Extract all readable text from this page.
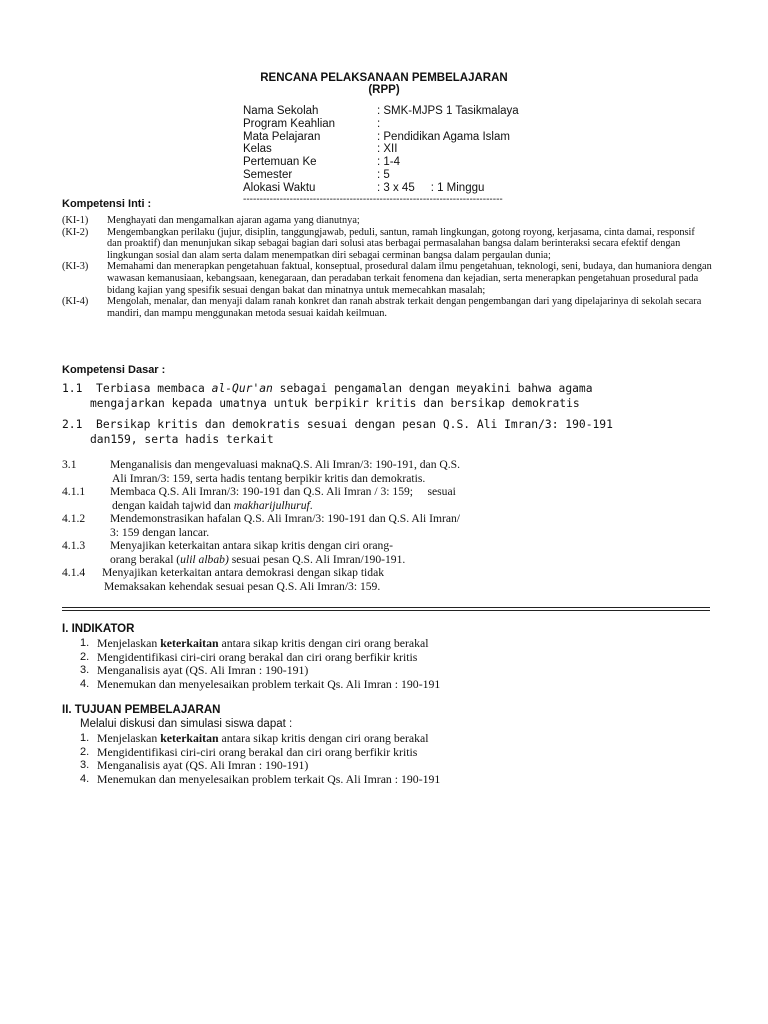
RENCANA PELAKSANAAN PEMBELAJARAN
(RPP)
Nama Sekolah	: SMK-MJPS 1 Tasikmalaya
Program Keahlian	:
Mata Pelajaran	: Pendidikan Agama Islam
Kelas	: XII
Pertemuan Ke	: 1-4
Semester	: 5
Alokasi Waktu	: 3 x 45     : 1 Minggu
------------------------------------------------------------------------------
Kompetensi Inti :
(KI-1)	Menghayati dan mengamalkan ajaran agama yang dianutnya;
(KI-2)	Mengembangkan perilaku (jujur, disiplin, tanggungjawab, peduli, santun, ramah lingkungan, gotong royong, kerjasama, cinta damai, responsif dan proaktif) dan menunjukan sikap sebagai bagian dari solusi atas berbagai permasalahan bangsa dalam berinteraksi secara efektif dengan lingkungan sosial dan alam serta dalam menempatkan diri sebagai cerminan bangsa dalam pergaulan dunia;
(KI-3)	Memahami dan menerapkan pengetahuan faktual, konseptual, prosedural dalam ilmu pengetahuan, teknologi, seni, budaya, dan humaniora dengan wawasan kemanusiaan, kebangsaan, kenegaraan, dan peradaban terkait fenomena dan kejadian, serta menerapkan pengetahuan prosedural pada bidang kajian yang spesifik sesuai dengan bakat dan minatnya untuk memecahkan masalah;
(KI-4)	Mengolah, menalar, dan menyaji dalam ranah konkret dan ranah abstrak terkait dengan pengembangan dari yang dipelajarinya di sekolah secara mandiri, dan mampu menggunakan metoda sesuai kaidah keilmuan.
Kompetensi Dasar :
1.1 Terbiasa membaca al-Qur'an sebagai pengamalan dengan meyakini bahwa agama
mengajarkan kepada umatnya untuk berpikir kritis dan bersikap demokratis
2.1 Bersikap kritis dan demokratis sesuai dengan pesan Q.S. Ali Imran/3: 190-191
dan159, serta hadis terkait
3.1	Menganalisis dan mengevaluasi maknaQ.S. Ali Imran/3: 190-191, dan Q.S.
Ali Imran/3: 159, serta hadis tentang berpikir kritis dan demokratis.
4.1.1	Membaca Q.S. Ali Imran/3: 190-191 dan Q.S. Ali Imran / 3: 159;     sesuai
dengan kaidah tajwid dan makharijulhuruf.
4.1.2	Mendemonstrasikan hafalan Q.S. Ali Imran/3: 190-191 dan Q.S. Ali Imran/
3: 159 dengan lancar.
4.1.3	Menyajikan keterkaitan antara sikap kritis dengan ciri orang-
orang berakal (ulil albab) sesuai pesan Q.S. Ali Imran/190-191.
4.1.4	Menyajikan keterkaitan antara demokrasi dengan sikap tidak
Memaksakan kehendak sesuai pesan Q.S. Ali Imran/3: 159.
I. INDIKATOR
1. Menjelaskan keterkaitan antara sikap kritis dengan ciri orang berakal
2. Mengidentifikasi ciri-ciri orang berakal dan ciri orang berfikir kritis
3. Menganalisis ayat (QS. Ali Imran : 190-191)
4. Menemukan dan menyelesaikan problem terkait Qs. Ali Imran : 190-191
II. TUJUAN PEMBELAJARAN
Melalui diskusi dan simulasi siswa dapat :
1. Menjelaskan keterkaitan antara sikap kritis dengan ciri orang berakal
2. Mengidentifikasi ciri-ciri orang berakal dan ciri orang berfikir kritis
3. Menganalisis ayat (QS. Ali Imran : 190-191)
4. Menemukan dan menyelesaikan problem terkait Qs. Ali Imran : 190-191
